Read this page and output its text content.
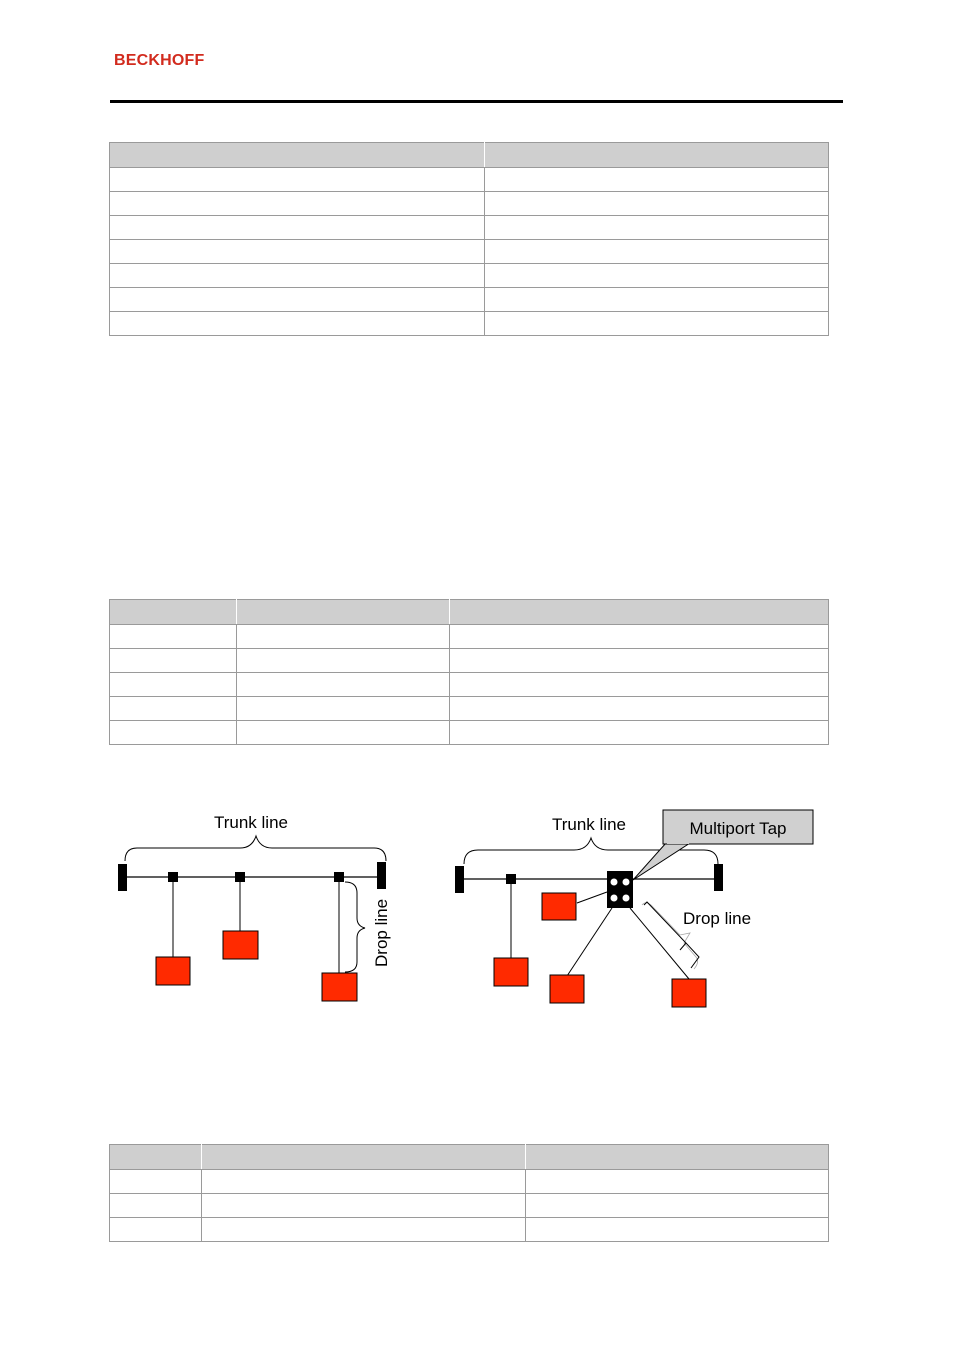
BECKHOFF

Trunk line
Drop line
Trunk line
Drop line
Multiport Tap
